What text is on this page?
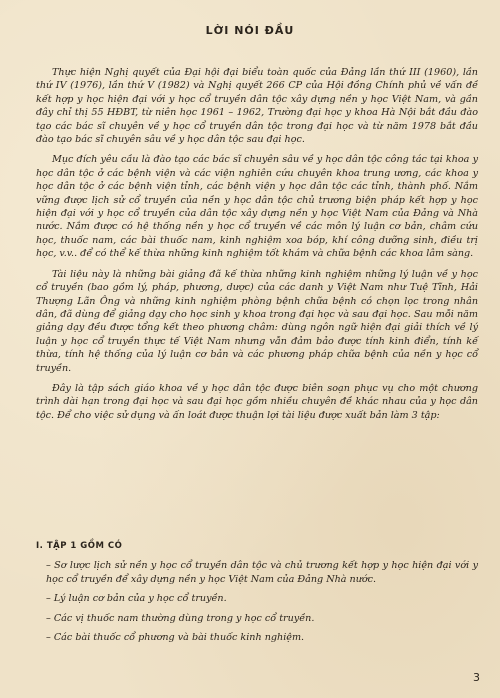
LỜI NÓI ĐẦU

Thực hiện Nghị quyết của Đại hội đại biểu toàn quốc của Đảng lần thứ III (1960), lần thứ IV (1976), lần thứ V (1982) và Nghị quyết 266 CP của Hội đồng Chính phủ về vấn đề kết hợp y học hiện đại với y học cổ truyền dân tộc xây dựng nền y học Việt Nam, và gần đây chỉ thị 55 HĐBT, từ niên học 1961 – 1962, Trường đại học y khoa Hà Nội bắt đầu đào tạo các bác sĩ chuyên về y học cổ truyền dân tộc trong đại học và từ năm 1978 bắt đầu đào tạo bác sĩ chuyên sâu về y học dân tộc sau đại học.

Mục đích yêu cầu là đào tạo các bác sĩ chuyên sâu về y học dân tộc công tác tại khoa y học dân tộc ở các bệnh viện và các viện nghiên cứu chuyên khoa trung ương, các khoa y học dân tộc ở các bệnh viện tỉnh, các bệnh viện y học dân tộc các tỉnh, thành phố. Nắm vững được lịch sử cổ truyền của nền y học dân tộc chủ trương biện pháp kết hợp y học hiện đại với y học cổ truyền của dân tộc xây dựng nền y học Việt Nam của Đảng và Nhà nước. Nắm được có hệ thống nền y học cổ truyền về các môn lý luận cơ bản, châm cứu học, thuốc nam, các bài thuốc nam, kinh nghiệm xoa bóp, khí công dưỡng sinh, điều trị học, v.v.. để có thể kế thừa những kinh nghiệm tốt khám và chữa bệnh các khoa lâm sàng.

Tài liệu này là những bài giảng đã kế thừa những kinh nghiệm những lý luận về y học cổ truyền (bao gồm lý, pháp, phương, dược) của các danh y Việt Nam như Tuệ Tĩnh, Hải Thượng Lãn Ông và những kinh nghiệm phòng bệnh chữa bệnh có chọn lọc trong nhân dân, đã dùng để giảng dạy cho học sinh y khoa trong đại học và sau đại học. Sau mỗi năm giảng dạy đều được tổng kết theo phương châm: dùng ngôn ngữ hiện đại giải thích về lý luận y học cổ truyền thực tế Việt Nam nhưng vẫn đảm bảo được tính kinh điển, tính kế thừa, tính hệ thống của lý luận cơ bản và các phương pháp chữa bệnh của nền y học cổ truyền.

Đây là tập sách giáo khoa về y học dân tộc được biên soạn phục vụ cho một chương trình dài hạn trong đại học và sau đại học gồm nhiều chuyên đề khác nhau của y học dân tộc. Để cho việc sử dụng và ấn loát được thuận lợi tài liệu được xuất bản làm 3 tập:

I. TẬP 1 GỒM CÓ
– Sơ lược lịch sử nền y học cổ truyền dân tộc và chủ trương kết hợp y học hiện đại với y học cổ truyền để xây dựng nền y học Việt Nam của Đảng Nhà nước.
– Lý luận cơ bản của y học cổ truyền.
– Các vị thuốc nam thường dùng trong y học cổ truyền.
– Các bài thuốc cổ phương và bài thuốc kinh nghiệm.
3
